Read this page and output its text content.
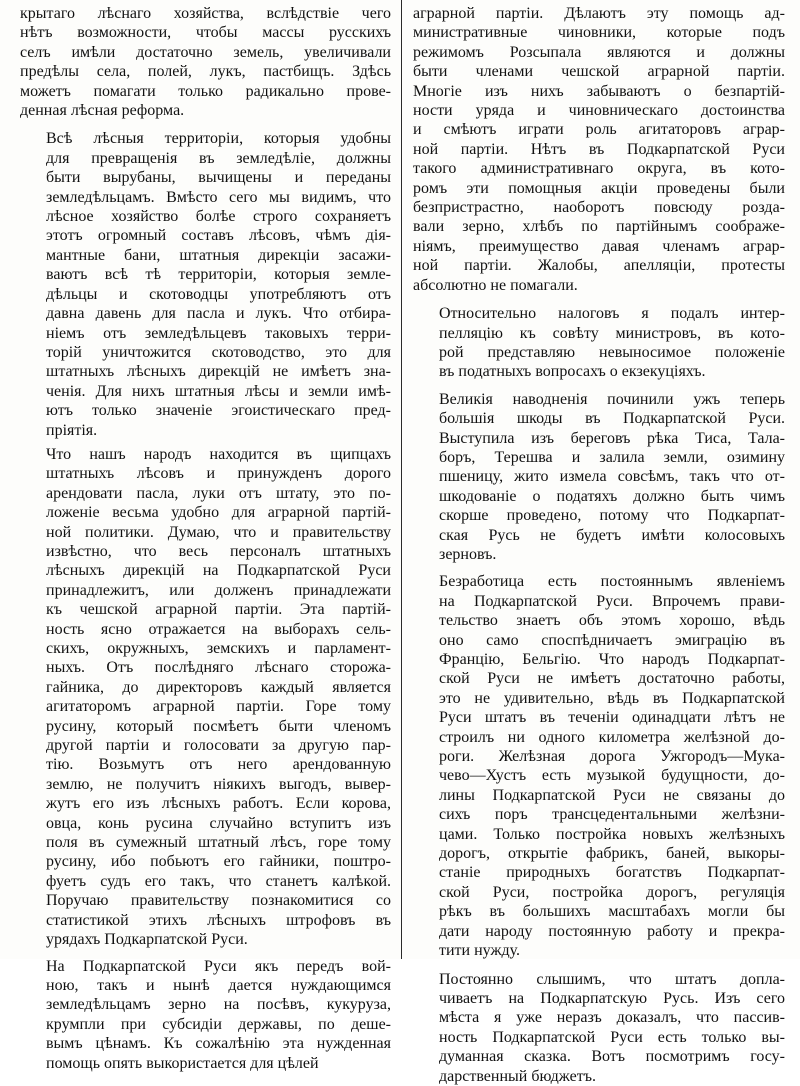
крытаго лѣснаго хозяйства, вслѣдствіе чего
нѣтъ возможности, чтобы массы русскихъ
селъ имѣли достаточно земель, увеличивали
предѣлы села, полей, лукъ, пастбищъ. Здѣсь
можетъ помагати только радикально прове-
денная лѣсная реформа.
Всѣ лѣсныя территоріи, которыя удобны
для превращенія въ земледѣліе, должны
быти вырубаны, вычищены и переданы
земледѣльцамъ. Вмѣсто сего мы видимъ, что
лѣсное хозяйство болѣе строго сохраняетъ
этотъ огромный составъ лѣсовъ, чѣмъ дія-
мантные бани, штатныя дирекціи засажи-
ваютъ всѣ тѣ территоріи, которыя земле-
дѣльцы и скотоводцы употребляютъ отъ
давна давень для пасла и лукъ. Что отбира-
ніемъ отъ земледѣльцевъ таковыхъ терри-
торій уничтожится скотоводство, это для
штатныхъ лѣсныхъ дирекцій не имѣетъ зна-
ченія. Для нихъ штатныя лѣсы и земли имѣ-
ютъ только значеніе эгоистическаго пред-
пріятія.
Что нашъ народъ находится въ щипцахъ
штатныхъ лѣсовъ и принужденъ дорого
арендовати пасла, луки отъ штату, это по-
ложеніе весьма удобно для аграрной партій-
ной политики. Думаю, что и правительству
извѣстно, что весь персоналъ штатныхъ
лѣсныхъ дирекцій на Подкарпатской Руси
принадлежитъ, или долженъ принадлежати
къ чешской аграрной партіи. Эта партій-
ность ясно отражается на выборахъ сель-
скихъ, окружныхъ, земскихъ и парламент-
ныхъ. Отъ послѣдняго лѣснаго сторожа-
гайника, до директоровъ каждый является
агитаторомъ аграрной партіи. Горе тому
русину, который посмѣетъ быти членомъ
другой партіи и голосовати за другую пар-
тію. Возьмутъ отъ него арендованную
землю, не получитъ ніякихъ выгодъ, вывер-
жутъ его изъ лѣсныхъ работъ. Если корова,
овца, конь русина случайно вступитъ изъ
поля въ сумежный штатный лѣсъ, горе тому
русину, ибо побьютъ его гайники, поштро-
фуетъ судъ его такъ, что станетъ калѣкой.
Поручаю правительству познакомитися со
статистикой этихъ лѣсныхъ штрофовъ въ
урядахъ Подкарпатской Руси.
На Подкарпатской Руси якъ передъ вой-
ною, такъ и нынѣ дается нуждающимся
земледѣльцамъ зерно на посѣвъ, кукуруза,
крумпли при субсидіи державы, по деше-
вымъ цѣнамъ. Къ сожалѣнію эта нужденная
помощь опять выкористается для цѣлей
аграрной партіи. Дѣлаютъ эту помощь ад-
министративные чиновники, которые подъ
режимомъ Розсыпала являются и должны
быти членами чешской аграрной партіи.
Многіе изъ нихъ забываютъ о безпартій-
ности уряда и чиновническаго достоинства
и смѣютъ играти роль агитаторовъ аграр-
ной партіи. Нѣтъ въ Подкарпатской Руси
такого административнаго округа, въ кото-
ромъ эти помощныя акціи проведены были
безпристрастно, наоборотъ повсюду розда-
вали зерно, хлѣбъ по партійнымъ соображе-
ніямъ, преимущество давая членамъ аграр-
ной партіи. Жалобы, апелляціи, протесты
абсолютно не помагали.
Относительно налоговъ я подалъ интер-
пелляцію къ совѣту министровъ, въ кото-
рой представляю невыносимое положеніе
въ податныхъ вопросахъ о екзекуціяхъ.
Великія наводненія починили ужъ теперь
большія шкоды въ Подкарпатской Руси.
Выступила изъ береговъ рѣка Тиса, Тала-
боръ, Терешва и залила земли, озимину
пшеницу, жито измела совсѣмъ, такъ что от-
шкодованіе о податяхъ должно быть чимъ
скорше проведено, потому что Подкарпат-
ская Русь не будетъ имѣти колосовыхъ
зерновъ.
Безработица есть постояннымъ явленіемъ
на Подкарпатской Руси. Впрочемъ прави-
тельство знаетъ объ этомъ хорошо, вѣдь
оно само споспѣдничаетъ эмиграцію въ
Францію, Бельгію. Что народъ Подкарпат-
ской Руси не имѣетъ достаточно работы,
это не удивительно, вѣдь въ Подкарпатской
Руси штатъ въ теченіи одинадцати лѣтъ не
строилъ ни одного километра желѣзной до-
роги. Желѣзная дорога Ужгородъ—Мука-
чево—Хустъ есть музыкой будущности, до-
лины Подкарпатской Руси не связаны до
сихъ поръ трансцедентальными желѣзни-
цами. Только постройка новыхъ желѣзныхъ
дорогъ, открытіе фабрикъ, баней, выкоры-
станіе природныхъ богатствъ Подкарпат-
ской Руси, постройка дорогъ, регуляція
рѣкъ въ большихъ масштабахъ могли бы
дати народу постоянную работу и прекра-
тити нужду.
Постоянно слышимъ, что штатъ допла-
чиваетъ на Подкарпатскую Русь. Изъ сего
мѣста я уже неразъ доказалъ, что пассив-
ность Подкарпатской Руси есть только вы-
думанная сказка. Вотъ посмотримъ госу-
дарственный бюджетъ.
